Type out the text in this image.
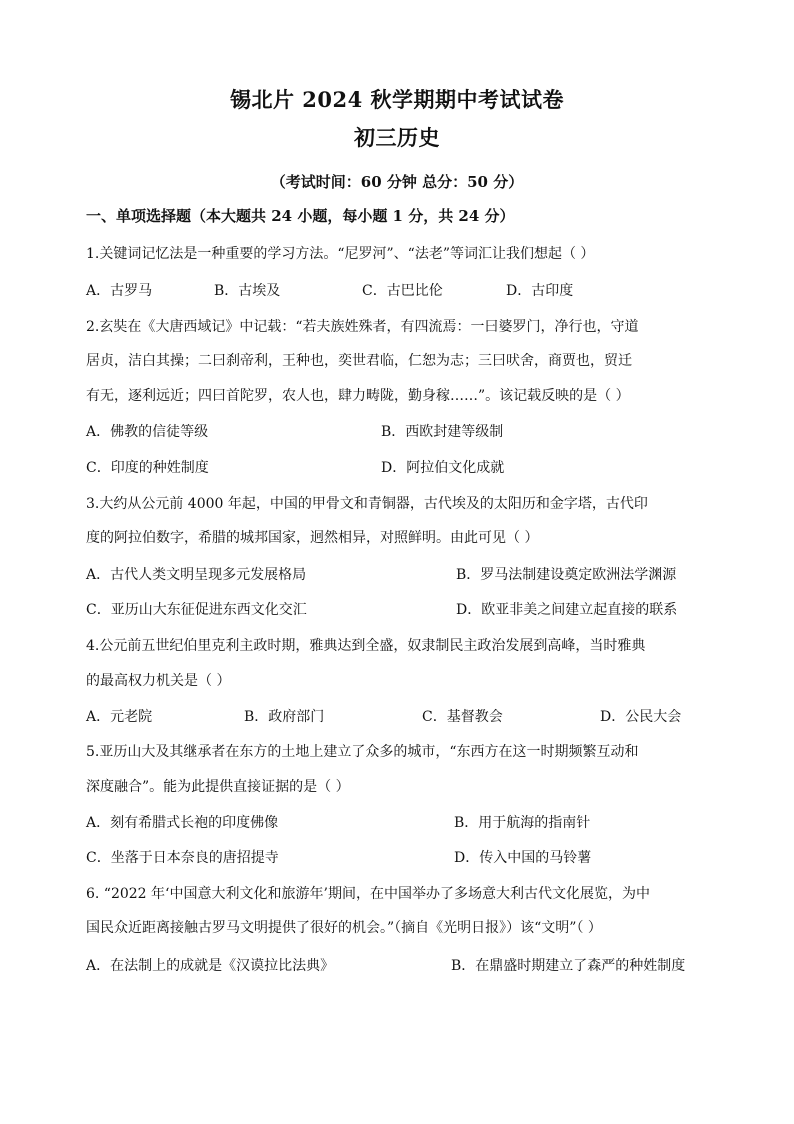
锡北片 2024 秋学期期中考试试卷
初三历史
（考试时间：60 分钟 总分：50 分）
一、单项选择题（本大题共 24 小题，每小题 1 分，共 24 分）
1.关键词记忆法是一种重要的学习方法。“尼罗河”、“法老”等词汇让我们想起（ ）
A．古罗马	B．古埃及	C．古巴比伦	D．古印度
2.玄奘在《大唐西域记》中记载：“若夫族姓殊者，有四流焉：一曰婆罗门，净行也，守道
居贞，洁白其操；二曰刹帝利，王种也，奕世君临，仁恕为志；三曰吠舍，商贾也，贸迁
有无，逐利远近；四曰首陀罗，农人也，肆力畴陇，勤身稼……”。该记载反映的是（ ）
A．佛教的信徒等级	B．西欧封建等级制
C．印度的种姓制度	D．阿拉伯文化成就
3.大约从公元前 4000 年起，中国的甲骨文和青铜器，古代埃及的太阳历和金字塔，古代印
度的阿拉伯数字，希腊的城邦国家，迥然相异，对照鲜明。由此可见（ ）
A．古代人类文明呈现多元发展格局	B．罗马法制建设奠定欧洲法学渊源
C．亚历山大东征促进东西文化交汇	D．欧亚非美之间建立起直接的联系
4.公元前五世纪伯里克利主政时期，雅典达到全盛，奴隶制民主政治发展到高峰，当时雅典
的最高权力机关是（ ）
A．元老院	B．政府部门	C．基督教会	D．公民大会
5.亚历山大及其继承者在东方的土地上建立了众多的城市，“东西方在这一时期频繁互动和
深度融合”。能为此提供直接证据的是（ ）
A．刻有希腊式长袍的印度佛像	B．用于航海的指南针
C．坐落于日本奈良的唐招提寺	D．传入中国的马铃薯
6. “2022 年‘中国意大利文化和旅游年’期间，在中国举办了多场意大利古代文化展览，为中
国民众近距离接触古罗马文明提供了很好的机会。”（摘自《光明日报》）该“文明”（ ）
A．在法制上的成就是《汉谟拉比法典》	B．在鼎盛时期建立了森严的种姓制度
